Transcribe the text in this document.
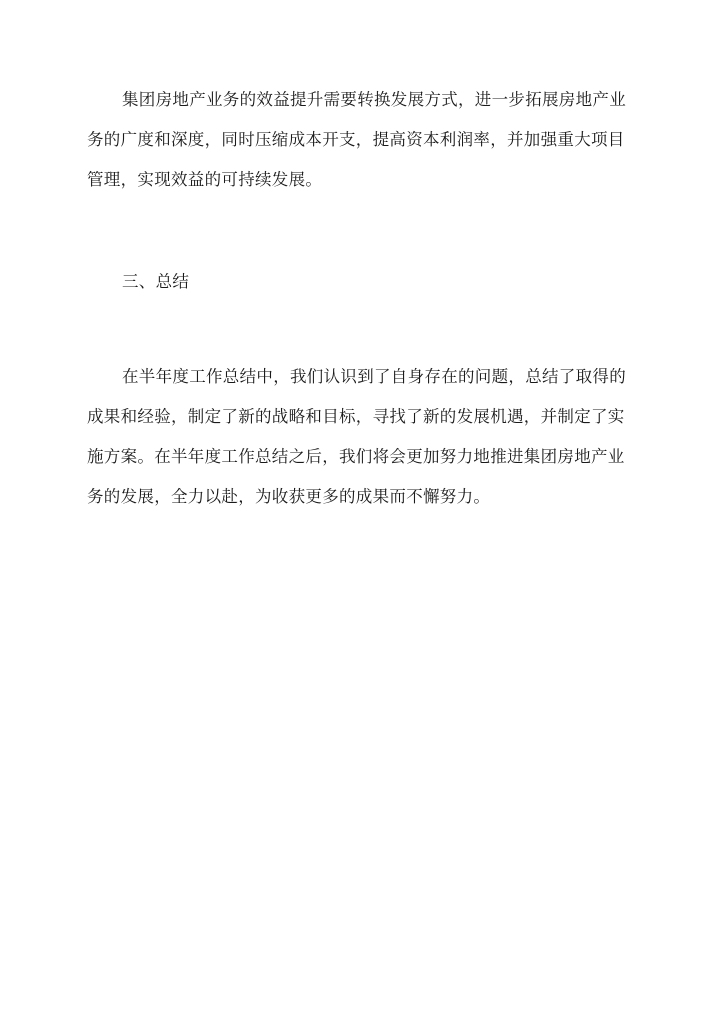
集团房地产业务的效益提升需要转换发展方式，进一步拓展房地产业
务的广度和深度，同时压缩成本开支，提高资本利润率，并加强重大项目
管理，实现效益的可持续发展。
三、总结
在半年度工作总结中，我们认识到了自身存在的问题，总结了取得的
成果和经验，制定了新的战略和目标，寻找了新的发展机遇，并制定了实
施方案。在半年度工作总结之后，我们将会更加努力地推进集团房地产业
务的发展，全力以赴，为收获更多的成果而不懈努力。
